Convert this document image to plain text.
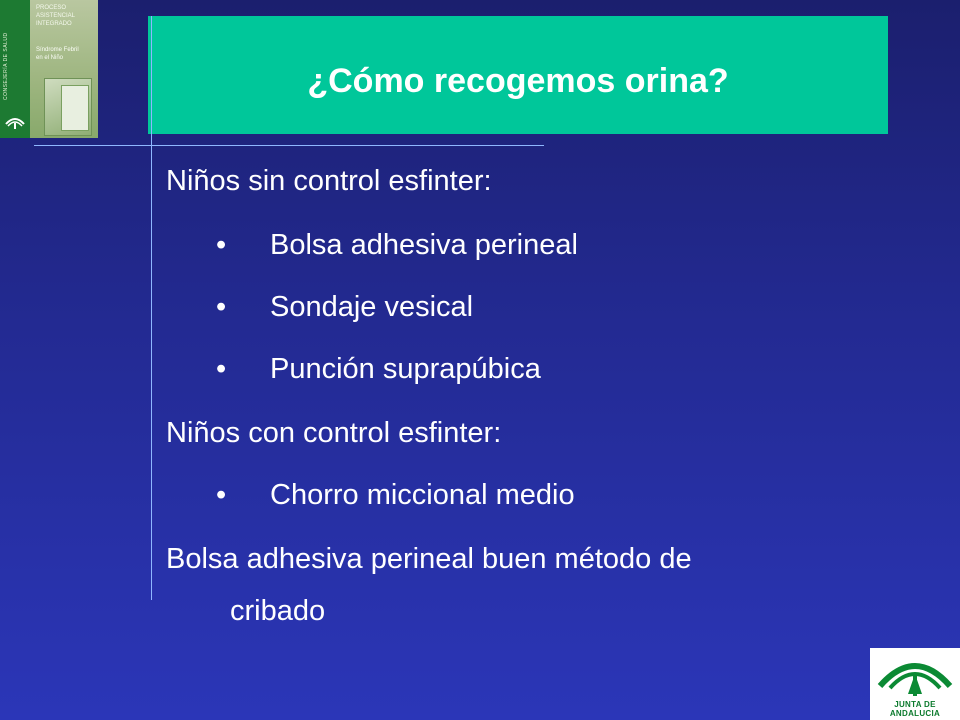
CONSEJERÍA DE SALUD
PROCESO
ASISTENCIAL
INTEGRADO
Síndrome Febril
en el Niño
¿Cómo recogemos orina?
Niños sin control esfinter:
• Bolsa adhesiva perineal
• Sondaje vesical
• Punción suprapúbica
Niños con control esfinter:
• Chorro miccional medio
Bolsa adhesiva perineal buen método de
cribado
JUNTA DE ANDALUCIA
